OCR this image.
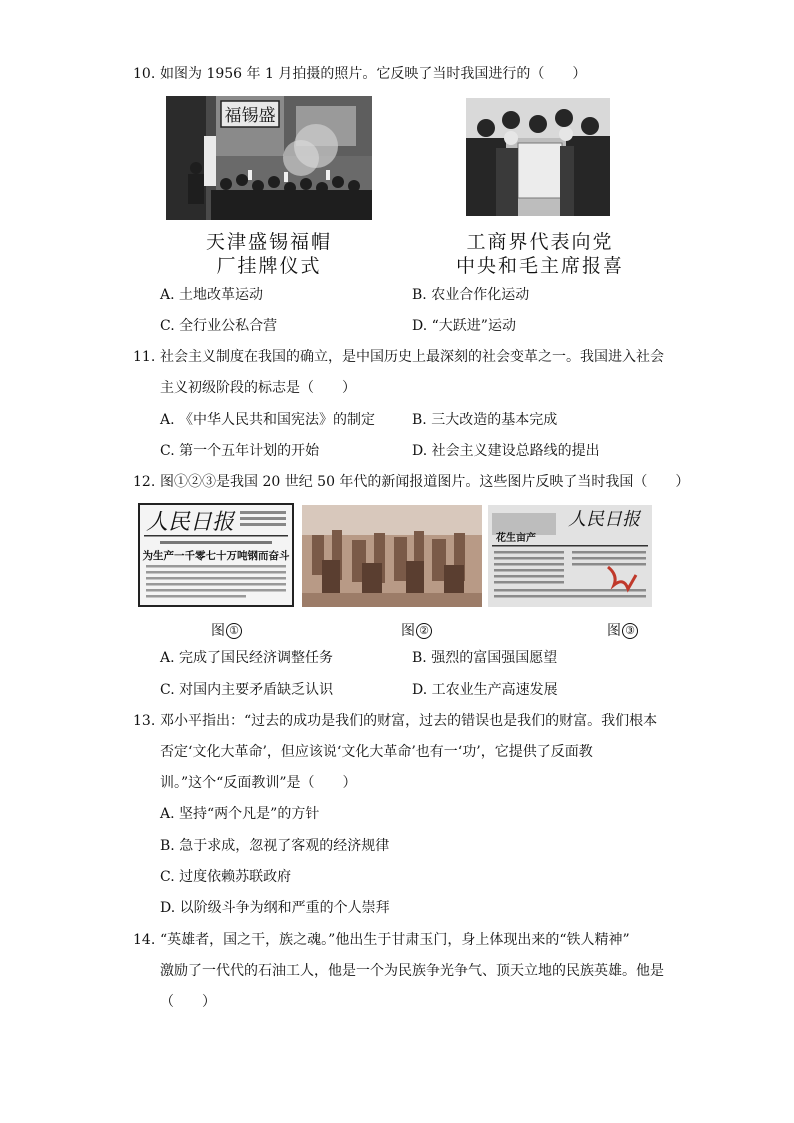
10. 如图为 1956 年 1 月拍摄的照片。它反映了当时我国进行的（　　）
福锡盛
天津盛锡福帽
厂挂牌仪式
工商界代表向党
中央和毛主席报喜
A. 土地改革运动	B. 农业合作化运动
C. 全行业公私合营	D. “大跃进”运动
11. 社会主义制度在我国的确立，是中国历史上最深刻的社会变革之一。我国进入社会
主义初级阶段的标志是（　　）
A. 《中华人民共和国宪法》的制定	B. 三大改造的基本完成
C. 第一个五年计划的开始	D. 社会主义建设总路线的提出
12. 图①②③是我国 20 世纪 50 年代的新闻报道图片。这些图片反映了当时我国（　　）
人民日报
为生产一千零七十万吨钢而奋斗
人民日报
花生亩产
图 ①	图 ②	图 ③
A. 完成了国民经济调整任务	B. 强烈的富国强国愿望
C. 对国内主要矛盾缺乏认识	D. 工农业生产高速发展
13. 邓小平指出：“过去的成功是我们的财富，过去的错误也是我们的财富。我们根本
否定‘文化大革命’，但应该说‘文化大革命’也有一‘功’，它提供了反面教
训。”这个“反面教训”是（　　）
A. 坚持“两个凡是”的方针
B. 急于求成，忽视了客观的经济规律
C. 过度依赖苏联政府
D. 以阶级斗争为纲和严重的个人崇拜
14. “英雄者，国之干，族之魂。”他出生于甘肃玉门，身上体现出来的“铁人精神”
激励了一代代的石油工人，他是一个为民族争光争气、顶天立地的民族英雄。他是
（　　）
